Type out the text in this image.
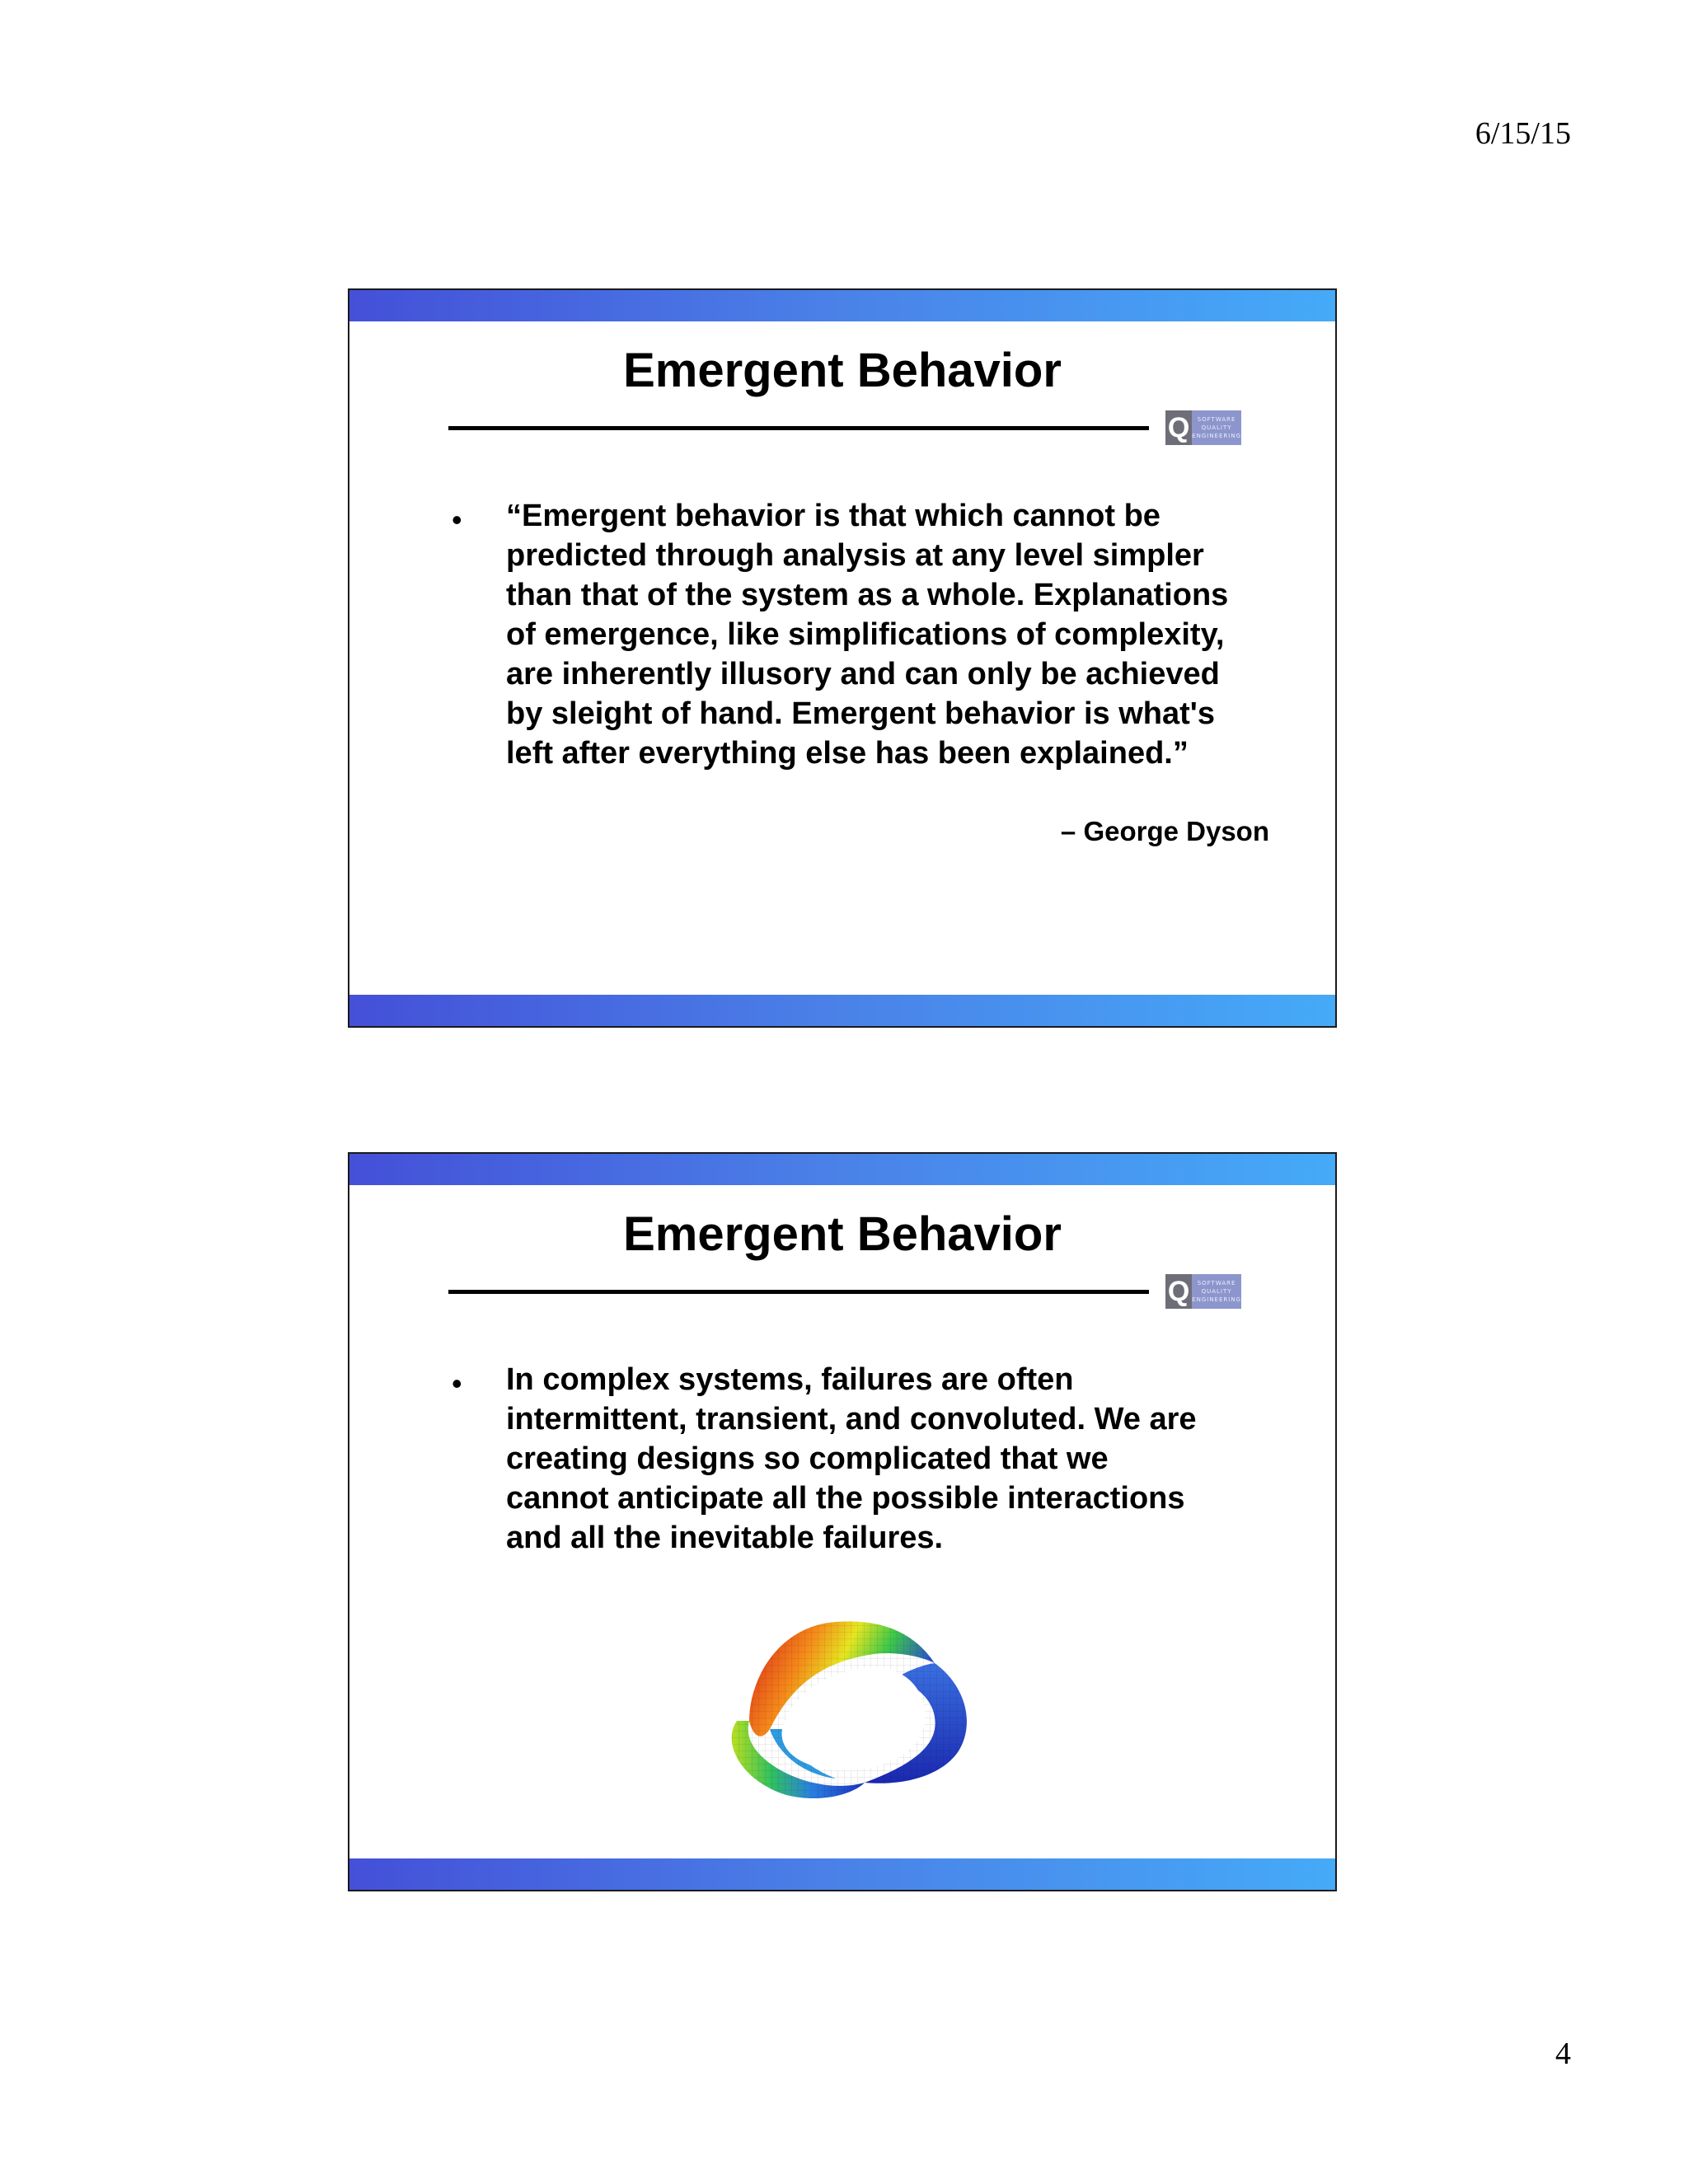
6/15/15
Emergent Behavior
Q	SOFTWARE
QUALITY
ENGINEERING
• “Emergent behavior is that which cannot be
predicted through analysis at any level simpler
than that of the system as a whole. Explanations
of emergence, like simplifications of complexity,
are inherently illusory and can only be achieved
by sleight of hand. Emergent behavior is what's
left after everything else has been explained.”
– George Dyson
Emergent Behavior
Q	SOFTWARE
QUALITY
ENGINEERING
• In complex systems, failures are often
intermittent, transient, and convoluted. We are
creating designs so complicated that we
cannot anticipate all the possible interactions
and all the inevitable failures.
4
